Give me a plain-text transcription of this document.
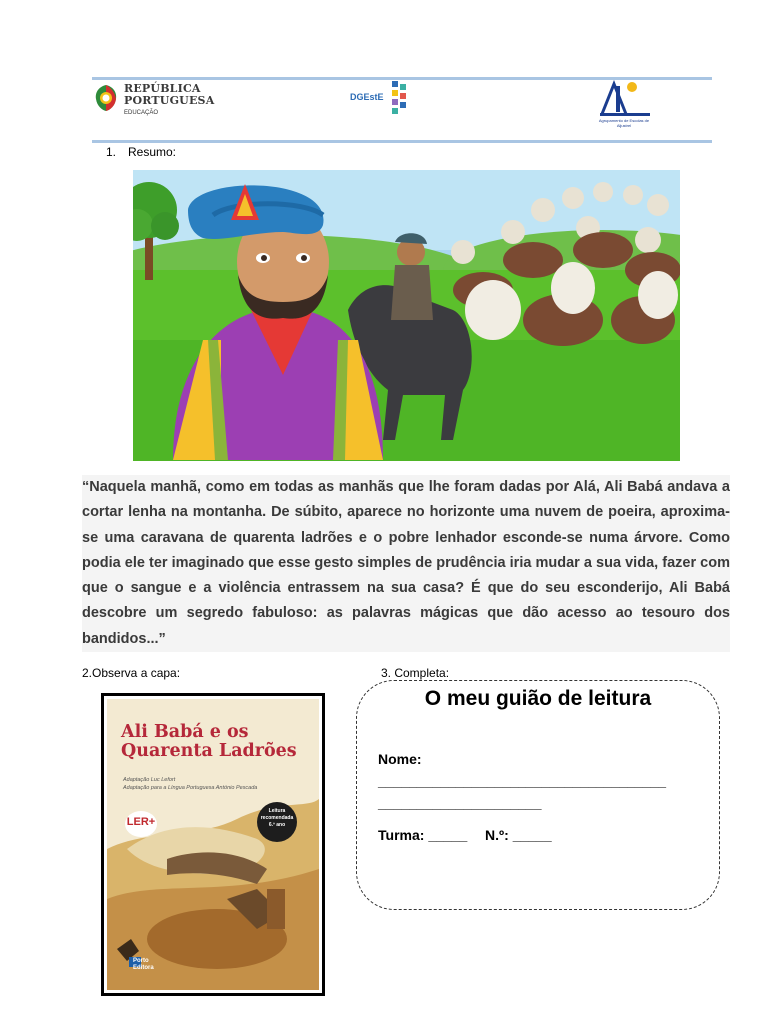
REPÚBLICA
PORTUGUESA
EDUCAÇÃO
DGEstE
Agrupamento de Escolas de Aljustrel
1. Resumo:

“Naquela manhã, como em todas as manhãs que lhe foram dadas por Alá, Ali Babá andava a cortar lenha na montanha. De súbito, aparece no horizonte uma nuvem de poeira, aproxima-se uma caravana de quarenta ladrões e o pobre lenhador esconde-se numa árvore. Como podia ele ter imaginado que esse gesto simples de prudência iria mudar a sua vida, fazer com que o sangue e a violência entrassem na sua casa? É que do seu esconderijo, Ali Babá descobre um segredo fabuloso: as palavras mágicas que dão acesso ao tesouro dos bandidos...”

2.Observa a capa:	3. Completa:
Ali Babá e os
Quarenta Ladrões
Adaptação Luc Lefort
Adaptação para a Língua Portuguesa António Pescada
LER+
Leitura
recomendada
6.º ano
Porto
Editora
O meu guião de leitura
Nome:
_____________________________________
_____________________
Turma: _____ N.º: _____
